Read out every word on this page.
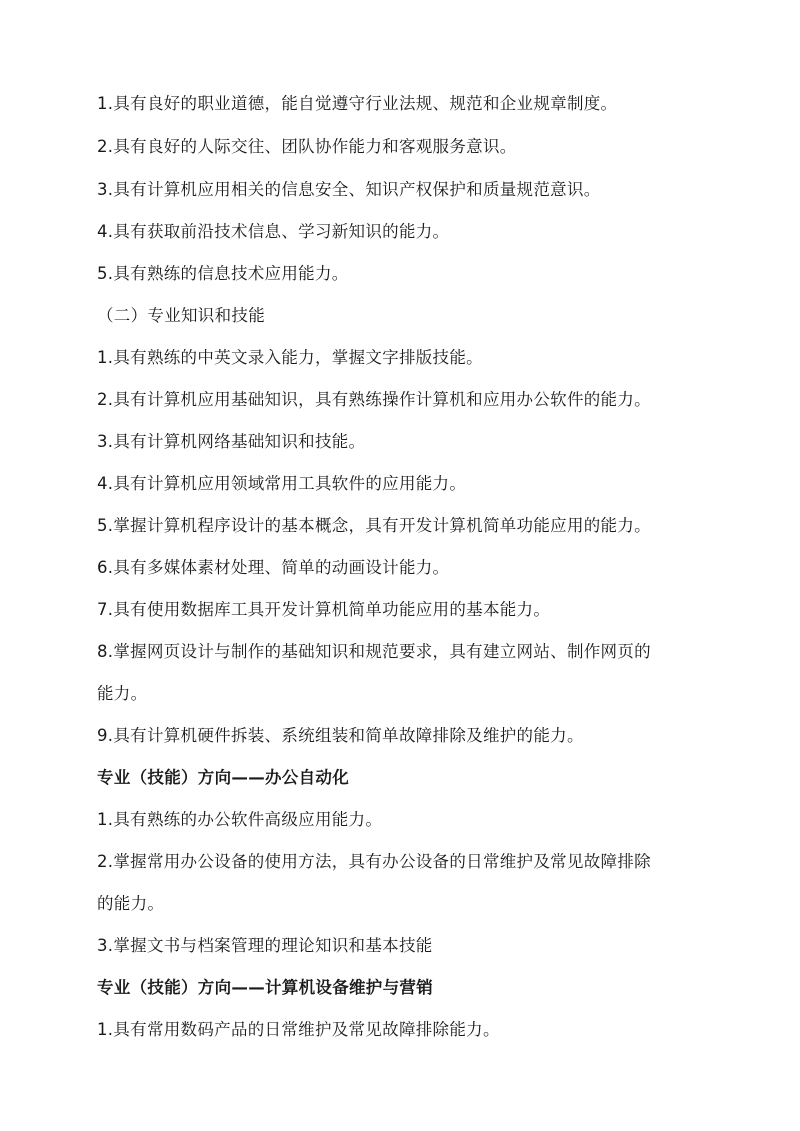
1.具有良好的职业道德，能自觉遵守行业法规、规范和企业规章制度。

2.具有良好的人际交往、团队协作能力和客观服务意识。

3.具有计算机应用相关的信息安全、知识产权保护和质量规范意识。

4.具有获取前沿技术信息、学习新知识的能力。

5.具有熟练的信息技术应用能力。

（二）专业知识和技能

1.具有熟练的中英文录入能力，掌握文字排版技能。

2.具有计算机应用基础知识，具有熟练操作计算机和应用办公软件的能力。

3.具有计算机网络基础知识和技能。

4.具有计算机应用领域常用工具软件的应用能力。

5.掌握计算机程序设计的基本概念，具有开发计算机简单功能应用的能力。

6.具有多媒体素材处理、简单的动画设计能力。

7.具有使用数据库工具开发计算机简单功能应用的基本能力。

8.掌握网页设计与制作的基础知识和规范要求，具有建立网站、制作网页的

能力。

9.具有计算机硬件拆装、系统组装和简单故障排除及维护的能力。

专业（技能）方向——办公自动化

1.具有熟练的办公软件高级应用能力。

2.掌握常用办公设备的使用方法，具有办公设备的日常维护及常见故障排除

的能力。

3.掌握文书与档案管理的理论知识和基本技能

专业（技能）方向——计算机设备维护与营销

1.具有常用数码产品的日常维护及常见故障排除能力。
